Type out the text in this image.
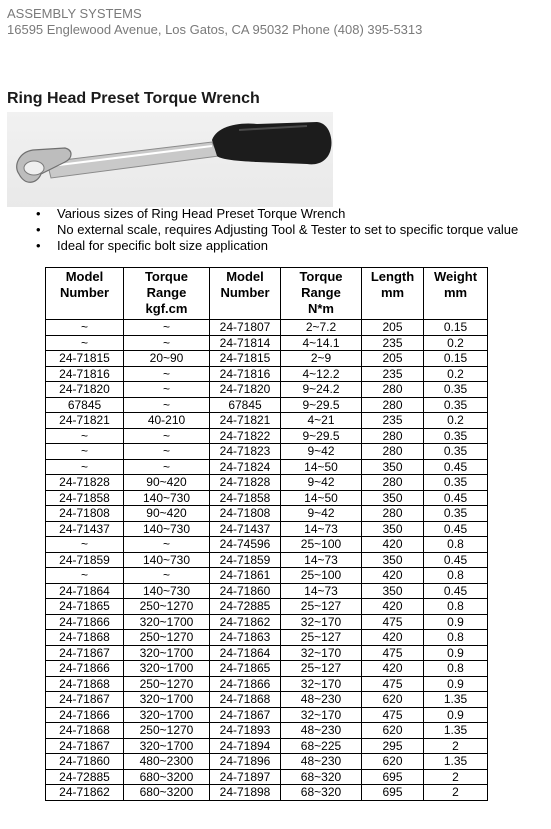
ASSEMBLY SYSTEMS
16595 Englewood Avenue, Los Gatos, CA 95032 Phone (408) 395-5313
Ring Head Preset Torque Wrench
• Various sizes of Ring Head Preset Torque Wrench
• No external scale, requires Adjusting Tool & Tester to set to specific torque value
• Ideal for specific bolt size application
Model
Number	Torque
Range
kgf.cm	Model
Number	Torque
Range
N*m	Length
mm	Weight
mm
~	~	24-71807	2~7.2	205	0.15
~	~	24-71814	4~14.1	235	0.2
24-71815	20~90	24-71815	2~9	205	0.15
24-71816	~	24-71816	4~12.2	235	0.2
24-71820	~	24-71820	9~24.2	280	0.35
67845	~	67845	9~29.5	280	0.35
24-71821	40-210	24-71821	4~21	235	0.2
~	~	24-71822	9~29.5	280	0.35
~	~	24-71823	9~42	280	0.35
~	~	24-71824	14~50	350	0.45
24-71828	90~420	24-71828	9~42	280	0.35
24-71858	140~730	24-71858	14~50	350	0.45
24-71808	90~420	24-71808	9~42	280	0.35
24-71437	140~730	24-71437	14~73	350	0.45
~	~	24-74596	25~100	420	0.8
24-71859	140~730	24-71859	14~73	350	0.45
~	~	24-71861	25~100	420	0.8
24-71864	140~730	24-71860	14~73	350	0.45
24-71865	250~1270	24-72885	25~127	420	0.8
24-71866	320~1700	24-71862	32~170	475	0.9
24-71868	250~1270	24-71863	25~127	420	0.8
24-71867	320~1700	24-71864	32~170	475	0.9
24-71866	320~1700	24-71865	25~127	420	0.8
24-71868	250~1270	24-71866	32~170	475	0.9
24-71867	320~1700	24-71868	48~230	620	1.35
24-71866	320~1700	24-71867	32~170	475	0.9
24-71868	250~1270	24-71893	48~230	620	1.35
24-71867	320~1700	24-71894	68~225	295	2
24-71860	480~2300	24-71896	48~230	620	1.35
24-72885	680~3200	24-71897	68~320	695	2
24-71862	680~3200	24-71898	68~320	695	2
